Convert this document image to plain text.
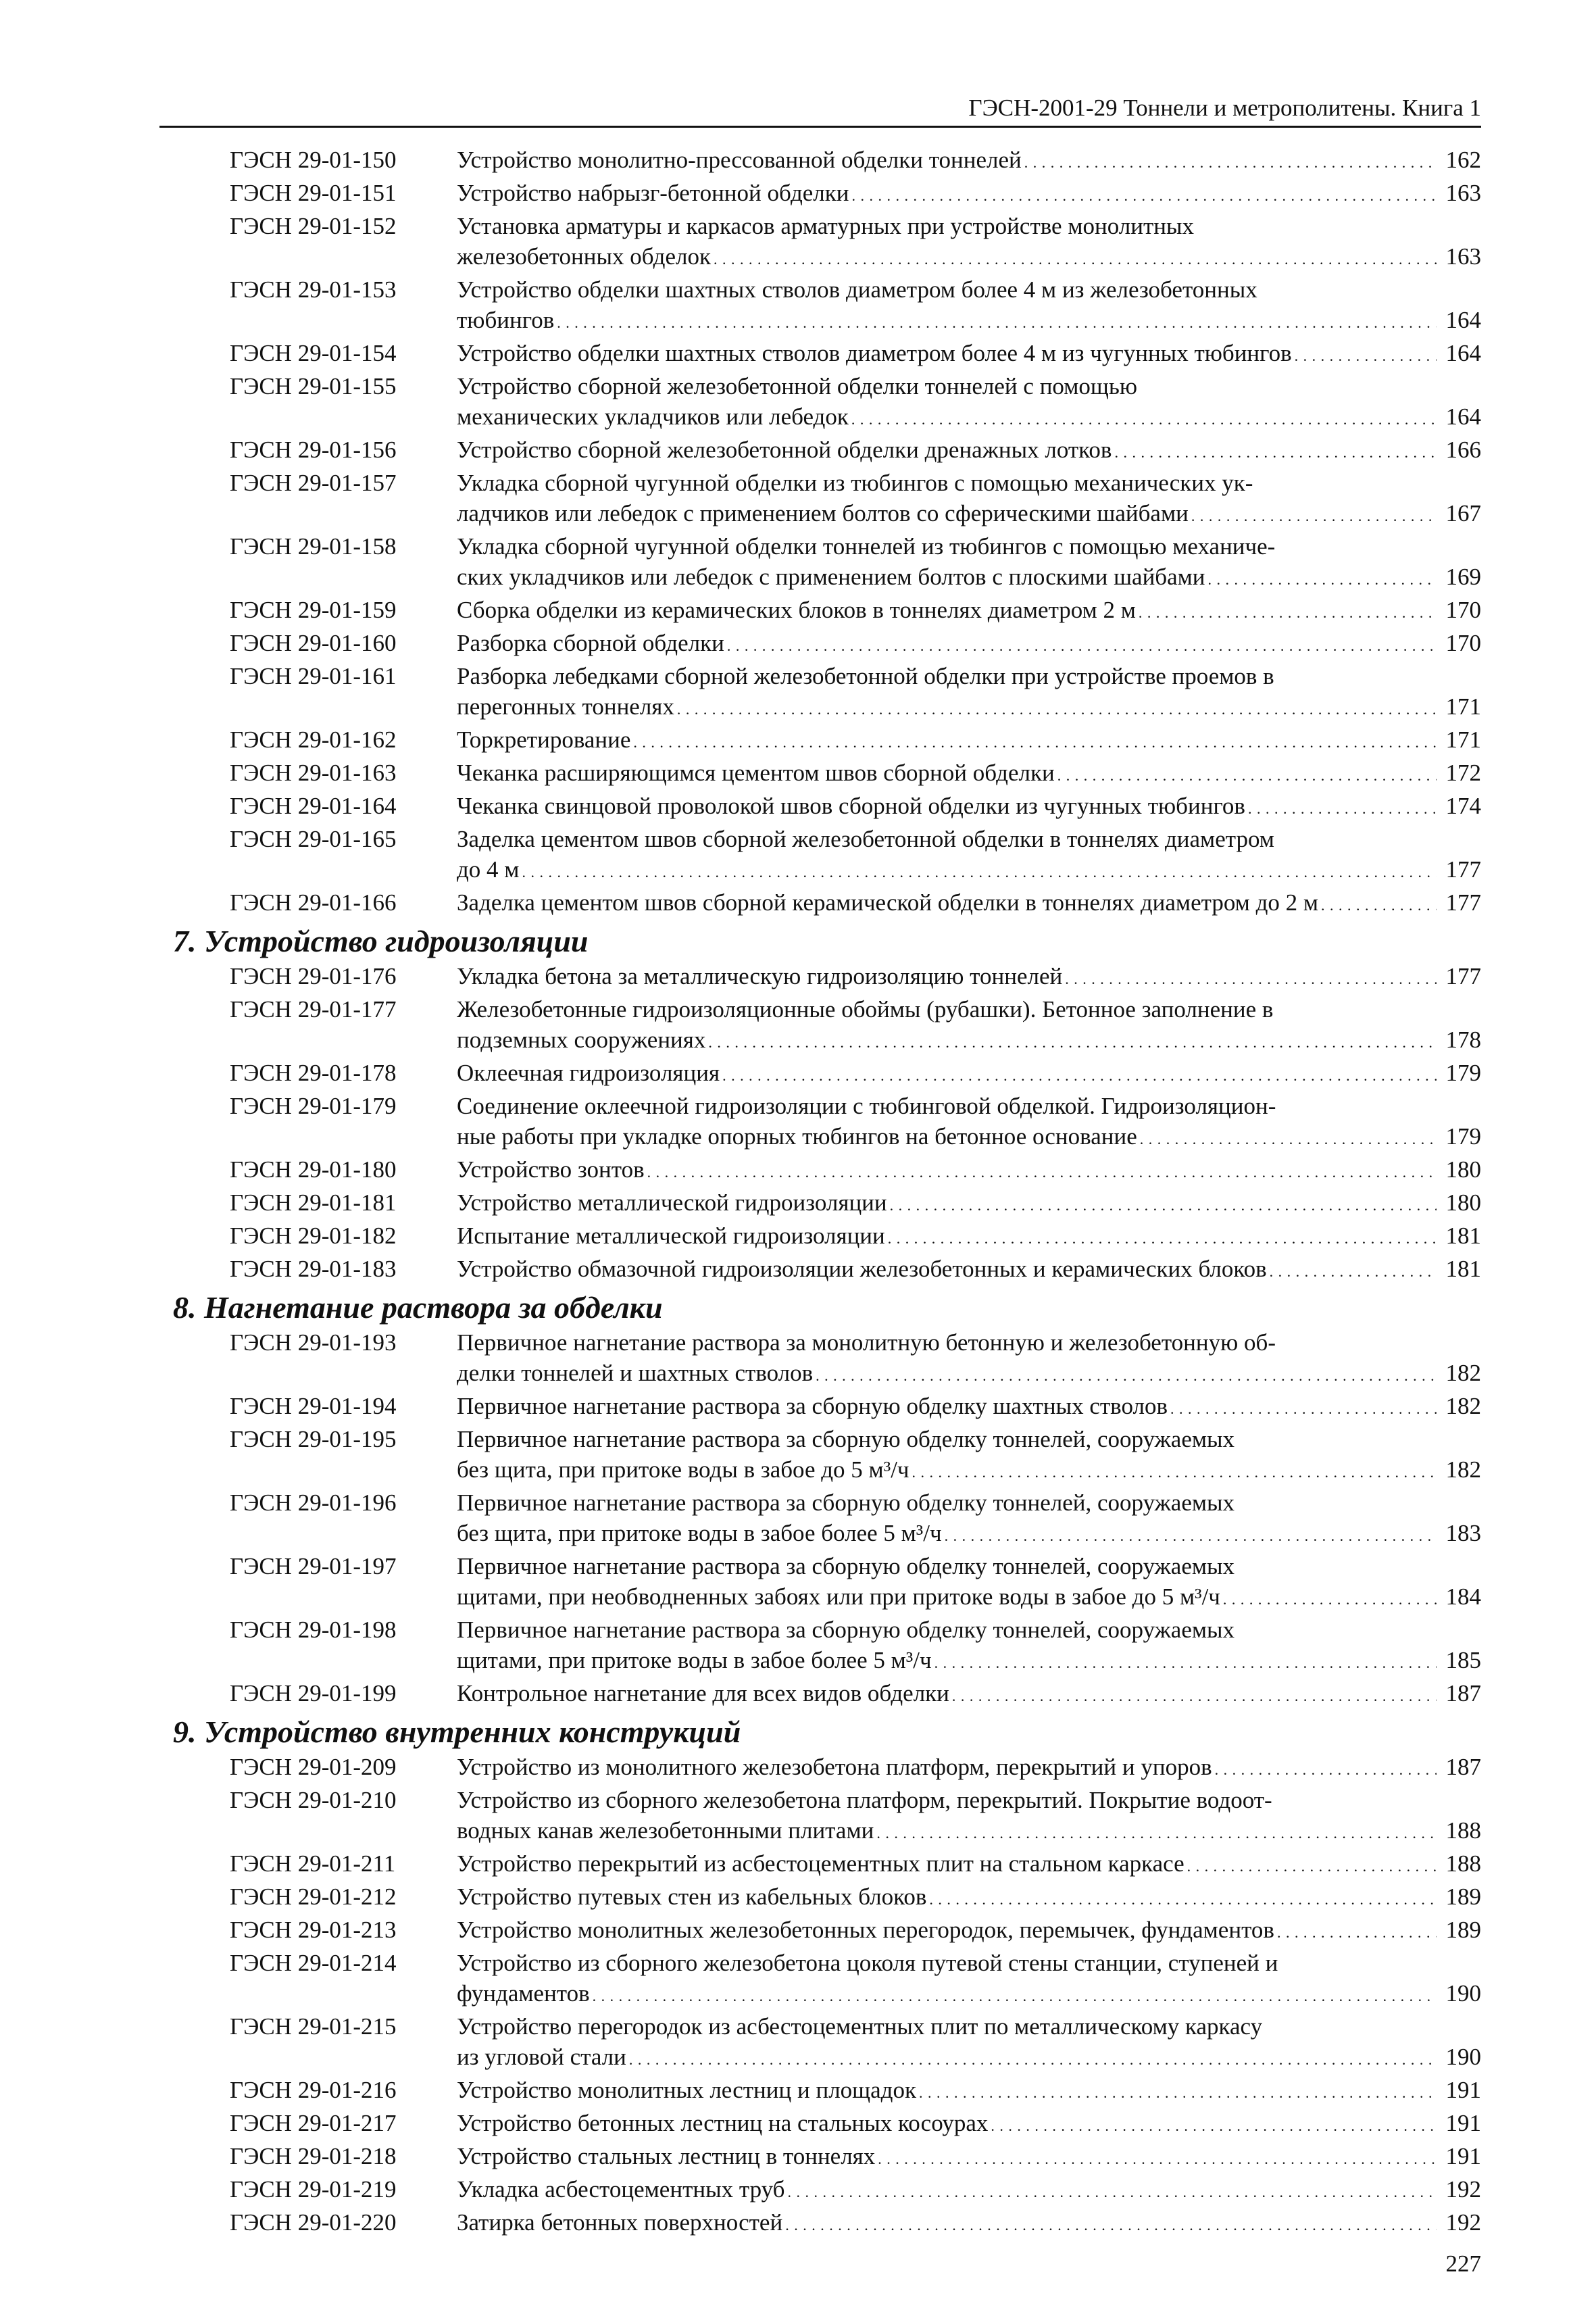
ГЭСН-2001-29 Тоннели и метрополитены. Книга 1
ГЭСН 29-01-150	Устройство монолитно-прессованной обделки тоннелей . . .	162
ГЭСН 29-01-151	Устройство набрызг-бетонной обделки . . .	163
ГЭСН 29-01-152	Установка арматуры и каркасов арматурных при устройстве монолитных
железобетонных обделок . . .	163
ГЭСН 29-01-153	Устройство обделки шахтных стволов диаметром более 4 м из железобетонных
тюбингов . . .	164
ГЭСН 29-01-154	Устройство обделки шахтных стволов диаметром более 4 м из чугунных тюбингов . . .	164
ГЭСН 29-01-155	Устройство сборной железобетонной обделки тоннелей с помощью
механических укладчиков или лебедок . . .	164
ГЭСН 29-01-156	Устройство сборной железобетонной обделки дренажных лотков . . .	166
ГЭСН 29-01-157	Укладка сборной чугунной обделки из тюбингов с помощью механических ук-
ладчиков или лебедок с применением болтов со сферическими шайбами . . .	167
ГЭСН 29-01-158	Укладка сборной чугунной обделки тоннелей из тюбингов с помощью механиче-
ских укладчиков или лебедок с применением болтов с плоскими шайбами . . .	169
ГЭСН 29-01-159	Сборка обделки из керамических блоков в тоннелях диаметром 2 м . . .	170
ГЭСН 29-01-160	Разборка сборной обделки . . .	170
ГЭСН 29-01-161	Разборка лебедками сборной железобетонной обделки при устройстве проемов в
перегонных тоннелях . . .	171
ГЭСН 29-01-162	Торкретирование . . .	171
ГЭСН 29-01-163	Чеканка расширяющимся цементом швов сборной обделки . . .	172
ГЭСН 29-01-164	Чеканка свинцовой проволокой швов сборной обделки из чугунных тюбингов . . .	174
ГЭСН 29-01-165	Заделка цементом швов сборной железобетонной обделки в тоннелях диаметром
до 4 м . . .	177
ГЭСН 29-01-166	Заделка цементом швов сборной керамической обделки в тоннелях диаметром до 2 м . . .	177
7. Устройство гидроизоляции
ГЭСН 29-01-176	Укладка бетона за металлическую гидроизоляцию тоннелей . . .	177
ГЭСН 29-01-177	Железобетонные гидроизоляционные обоймы (рубашки). Бетонное заполнение в
подземных сооружениях . . .	178
ГЭСН 29-01-178	Оклеечная гидроизоляция . . .	179
ГЭСН 29-01-179	Соединение оклеечной гидроизоляции с тюбинговой обделкой. Гидроизоляцион-
ные работы при укладке опорных тюбингов на бетонное основание . . .	179
ГЭСН 29-01-180	Устройство зонтов . . .	180
ГЭСН 29-01-181	Устройство металлической гидроизоляции . . .	180
ГЭСН 29-01-182	Испытание металлической гидроизоляции . . .	181
ГЭСН 29-01-183	Устройство обмазочной гидроизоляции железобетонных и керамических блоков . . .	181
8. Нагнетание раствора за обделки
ГЭСН 29-01-193	Первичное нагнетание раствора за монолитную бетонную и железобетонную об-
делки тоннелей и шахтных стволов . . .	182
ГЭСН 29-01-194	Первичное нагнетание раствора за сборную обделку шахтных стволов . . .	182
ГЭСН 29-01-195	Первичное нагнетание раствора за сборную обделку тоннелей, сооружаемых
без щита, при притоке воды в забое до 5 м³/ч . . .	182
ГЭСН 29-01-196	Первичное нагнетание раствора за сборную обделку тоннелей, сооружаемых
без щита, при притоке воды в забое более 5 м³/ч . . .	183
ГЭСН 29-01-197	Первичное нагнетание раствора за сборную обделку тоннелей, сооружаемых
щитами, при необводненных забоях или при притоке воды в забое до 5 м³/ч . . .	184
ГЭСН 29-01-198	Первичное нагнетание раствора за сборную обделку тоннелей, сооружаемых
щитами, при притоке воды в забое более 5 м³/ч . . .	185
ГЭСН 29-01-199	Контрольное нагнетание для всех видов обделки . . .	187
9. Устройство внутренних конструкций
ГЭСН 29-01-209	Устройство из монолитного железобетона платформ, перекрытий и упоров . . .	187
ГЭСН 29-01-210	Устройство из сборного железобетона платформ, перекрытий. Покрытие водоот-
водных канав железобетонными плитами . . .	188
ГЭСН 29-01-211	Устройство перекрытий из асбестоцементных плит на стальном каркасе . . .	188
ГЭСН 29-01-212	Устройство путевых стен из кабельных блоков . . .	189
ГЭСН 29-01-213	Устройство монолитных железобетонных перегородок, перемычек, фундаментов . . .	189
ГЭСН 29-01-214	Устройство из сборного железобетона цоколя путевой стены станции, ступеней и
фундаментов . . .	190
ГЭСН 29-01-215	Устройство перегородок из асбестоцементных плит по металлическому каркасу
из угловой стали . . .	190
ГЭСН 29-01-216	Устройство монолитных лестниц и площадок . . .	191
ГЭСН 29-01-217	Устройство бетонных лестниц на стальных косоурах . . .	191
ГЭСН 29-01-218	Устройство стальных лестниц в тоннелях . . .	191
ГЭСН 29-01-219	Укладка асбестоцементных труб . . .	192
ГЭСН 29-01-220	Затирка бетонных поверхностей . . .	192
227
